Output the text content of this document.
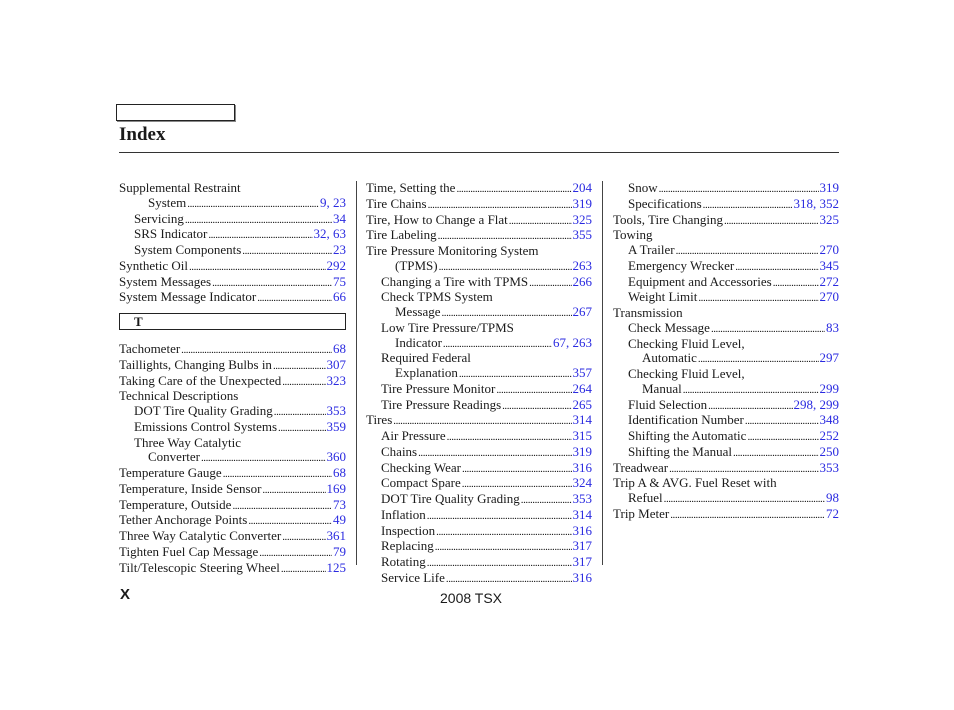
Index
Supplemental Restraint
System . . .	9, 23
Servicing . . .	34
SRS Indicator . . .	32, 63
System Components . . .	23
Synthetic Oil . . .	292
System Messages . . .	75
System Message Indicator . . .	66
T
Tachometer . . .	68
Taillights, Changing Bulbs in . . .	307
Taking Care of the Unexpected . . .	323
Technical Descriptions
DOT Tire Quality Grading . . .	353
Emissions Control Systems . . .	359
Three Way Catalytic
Converter . . .	360
Temperature Gauge . . .	68
Temperature, Inside Sensor . . .	169
Temperature, Outside . . .	73
Tether Anchorage Points . . .	49
Three Way Catalytic Converter . . .	361
Tighten Fuel Cap Message . . .	79
Tilt/Telescopic Steering Wheel . . .	125
Time, Setting the . . .	204
Tire Chains . . .	319
Tire, How to Change a Flat . . .	325
Tire Labeling . . .	355
Tire Pressure Monitoring System
(TPMS) . . .	263
Changing a Tire with TPMS . . .	266
Check TPMS System
Message . . .	267
Low Tire Pressure/TPMS
Indicator . . .	67, 263
Required Federal
Explanation . . .	357
Tire Pressure Monitor . . .	264
Tire Pressure Readings . . .	265
Tires . . .	314
Air Pressure . . .	315
Chains . . .	319
Checking Wear . . .	316
Compact Spare . . .	324
DOT Tire Quality Grading . . .	353
Inflation . . .	314
Inspection . . .	316
Replacing . . .	317
Rotating . . .	317
Service Life . . .	316
Snow . . .	319
Specifications . . .	318, 352
Tools, Tire Changing . . .	325
Towing
A Trailer . . .	270
Emergency Wrecker . . .	345
Equipment and Accessories . . .	272
Weight Limit . . .	270
Transmission
Check Message . . .	83
Checking Fluid Level,
Automatic . . .	297
Checking Fluid Level,
Manual . . .	299
Fluid Selection . . .	298, 299
Identification Number . . .	348
Shifting the Automatic . . .	252
Shifting the Manual . . .	250
Treadwear . . .	353
Trip A & AVG. Fuel Reset with
Refuel . . .	98
Trip Meter . . .	72
X	2008 TSX
